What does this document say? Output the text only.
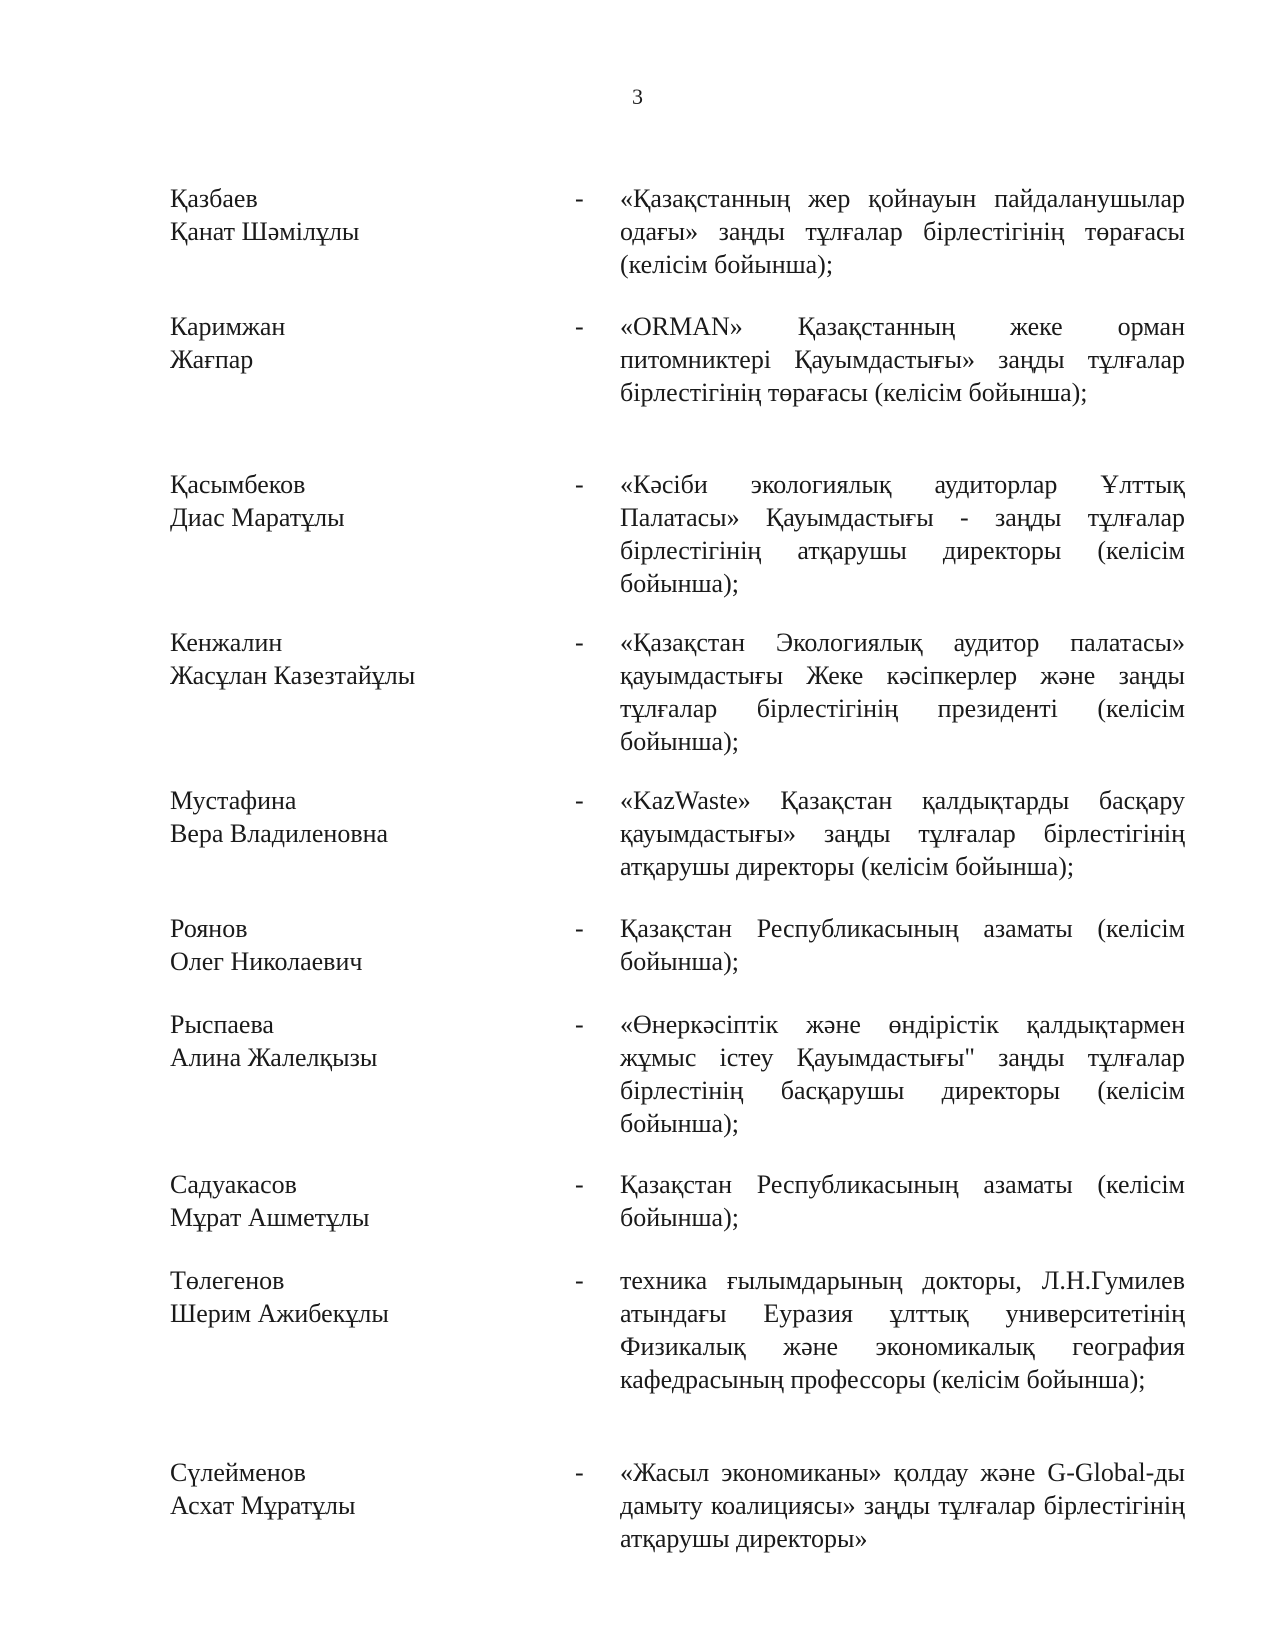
3
Қазбаев
Қанат Шәмілұлы
- «Қазақстанның жер қойнауын пайдаланушылар одағы» заңды тұлғалар бірлестігінің төрағасы (келісім бойынша);
Каримжан
Жағпар
- «ORMAN» Қазақстанның жеке орман питомниктері Қауымдастығы» заңды тұлғалар бірлестігінің төрағасы (келісім бойынша);
Қасымбеков
Диас Маратұлы
- «Кәсіби экологиялық аудиторлар Ұлттық Палатасы» Қауымдастығы - заңды тұлғалар бірлестігінің атқарушы директоры (келісім бойынша);
Кенжалин
Жасұлан Казезтайұлы
- «Қазақстан Экологиялық аудитор палатасы» қауымдастығы Жеке кәсіпкерлер және заңды тұлғалар бірлестігінің президенті (келісім бойынша);
Мустафина
Вера Владиленовна
- «KazWaste» Қазақстан қалдықтарды басқару қауымдастығы» заңды тұлғалар бірлестігінің атқарушы директоры (келісім бойынша);
Роянов
Олег Николаевич
- Қазақстан Республикасының азаматы (келісім бойынша);
Рыспаева
Алина Жалелқызы
- «Өнеркәсіптік және өндірістік қалдықтармен жұмыс істеу Қауымдастығы" заңды тұлғалар бірлестінің басқарушы директоры (келісім бойынша);
Садуакасов
Мұрат Ашметұлы
- Қазақстан Республикасының азаматы (келісім бойынша);
Төлегенов
Шерим Ажибекұлы
- техника ғылымдарының докторы, Л.Н.Гумилев атындағы Еуразия ұлттық университетінің Физикалық және экономикалық география кафедрасының профессоры (келісім бойынша);
Сүлейменов
Асхат Мұратұлы
- «Жасыл экономиканы» қолдау және G-Global-ды дамыту коалициясы» заңды тұлғалар бірлестігінің атқарушы директоры»
